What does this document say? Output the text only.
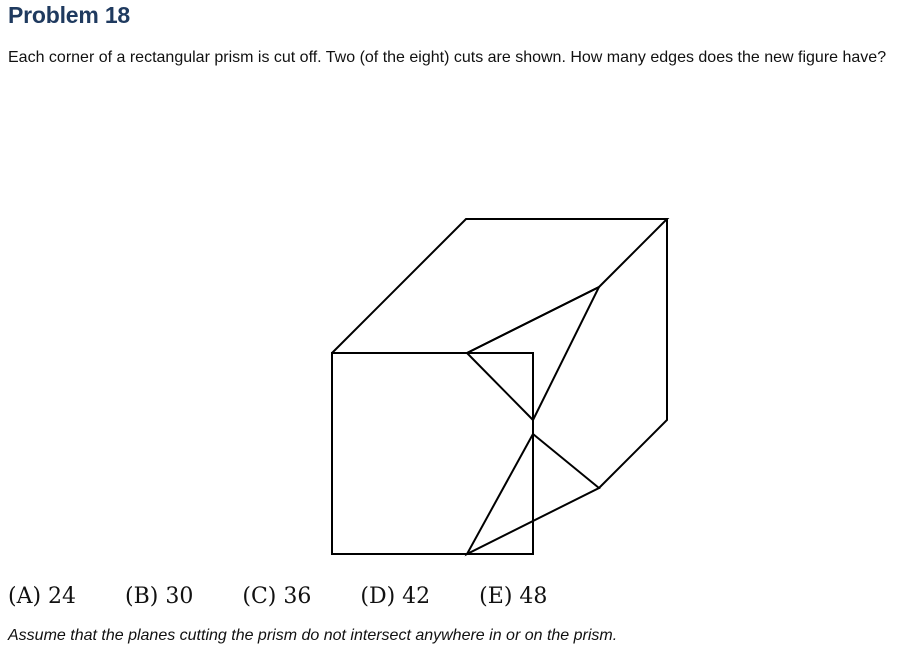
Problem 18
Each corner of a rectangular prism is cut off. Two (of the eight) cuts are shown. How many edges does the new figure have?
(A) 24 (B) 30 (C) 36 (D) 42 (E) 48
Assume that the planes cutting the prism do not intersect anywhere in or on the prism.
